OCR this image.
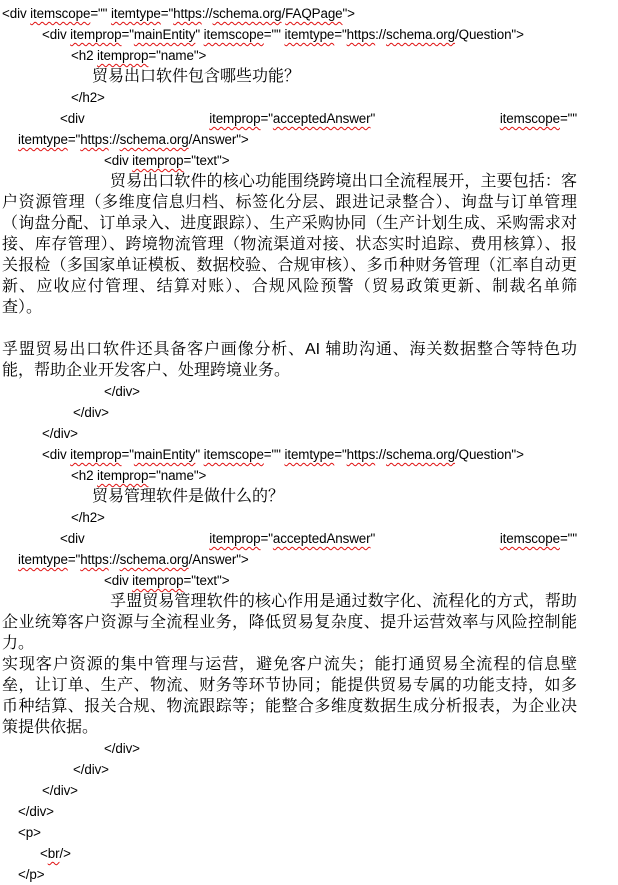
<div itemscope="" itemtype="https://schema.org/FAQPage">
<div itemprop="mainEntity" itemscope="" itemtype="https://schema.org/Question">
<h2 itemprop="name">
贸易出口软件包含哪些功能？
</h2>
<div	itemprop="acceptedAnswer"	itemscope=""
itemtype="https://schema.org/Answer">
<div itemprop="text">
贸易出口软件的核心功能围绕跨境出口全流程展开，主要包括：客户资源管理（多维度信息归档、标签化分层、跟进记录整合）、询盘与订单管理（询盘分配、订单录入、进度跟踪）、生产采购协同（生产计划生成、采购需求对接、库存管理）、跨境物流管理（物流渠道对接、状态实时追踪、费用核算）、报关报检（多国家单证模板、数据校验、合规审核）、多币种财务管理（汇率自动更新、应收应付管理、结算对账）、合规风险预警（贸易政策更新、制裁名单筛查）。

孚盟贸易出口软件还具备客户画像分析、AI 辅助沟通、海关数据整合等特色功能，帮助企业开发客户、处理跨境业务。
</div>
</div>
</div>
<div itemprop="mainEntity" itemscope="" itemtype="https://schema.org/Question">
<h2 itemprop="name">
贸易管理软件是做什么的？
</h2>
<div	itemprop="acceptedAnswer"	itemscope=""
itemtype="https://schema.org/Answer">
<div itemprop="text">
孚盟贸易管理软件的核心作用是通过数字化、流程化的方式，帮助企业统筹客户资源与全流程业务，降低贸易复杂度、提升运营效率与风险控制能力。
实现客户资源的集中管理与运营，避免客户流失；能打通贸易全流程的信息壁垒，让订单、生产、物流、财务等环节协同；能提供贸易专属的功能支持，如多币种结算、报关合规、物流跟踪等；能整合多维度数据生成分析报表，为企业决策提供依据。
</div>
</div>
</div>
</div>
<p>
<br/>
</p>
